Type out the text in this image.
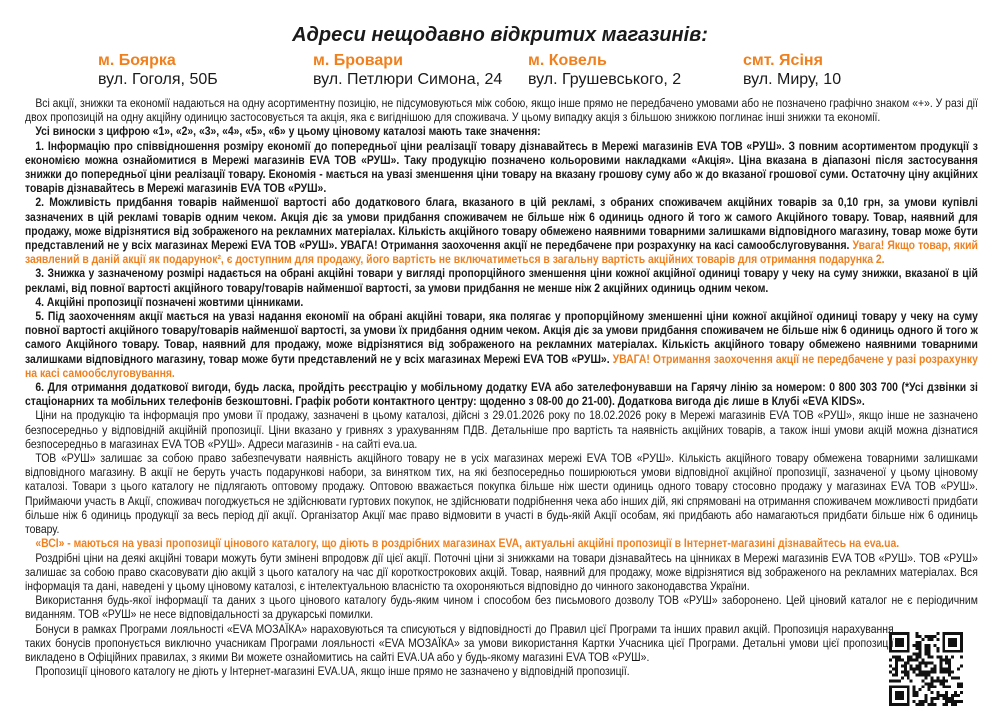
Адреси нещодавно відкритих магазинів:
м. Боярка
вул. Гоголя, 50Б
м. Бровари
вул. Петлюри Симона, 24
м. Ковель
вул. Грушевського, 2
смт. Ясіня
вул. Миру, 10

Всі акції, знижки та економії надаються на одну асортиментну позицію, не підсумовуються між собою, якщо інше прямо не передбачено умовами або не позначено графічно знаком «+». У разі дії двох пропозицій на одну акційну одиницю застосовується та акція, яка є вигіднішою для споживача. У цьому випадку акція з більшою знижкою поглинає інші знижки та економії.

Усі виноски з цифрою «1», «2», «3», «4», «5», «6» у цьому ціновому каталозі мають таке значення:

1. Інформацію про співвідношення розміру економії до попередньої ціни реалізації товару дізнавайтесь в Мережі магазинів EVA ТОВ «РУШ». З повним асортиментом продукції з економією можна ознайомитися в Мережі магазинів EVA ТОВ «РУШ». Таку продукцію позначено кольоровими накладками «Акція». Ціна вказана в діапазоні після застосування знижки до попередньої ціни реалізації товару. Економія - мається на увазі зменшення ціни товару на вказану грошову суму або ж до вказаної грошової суми. Остаточну ціну акційних товарів дізнавайтесь в Мережі магазинів EVA ТОВ «РУШ».

2. Можливість придбання товарів найменшої вартості або додаткового блага, вказаного в цій рекламі, з обраних споживачем акційних товарів за 0,10 грн, за умови купівлі зазначених в цій рекламі товарів одним чеком. Акція діє за умови придбання споживачем не більше ніж 6 одиниць одного й того ж самого Акційного товару. Товар, наявний для продажу, може відрізнятися від зображеного на рекламних матеріалах. Кількість акційного товару обмежено наявними товарними залишками відповідного магазину, товар може бути представлений не у всіх магазинах Мережі EVA ТОВ «РУШ». УВАГА! Отримання заохочення акції не передбачене при розрахунку на касі самообслуговування. Увага! Якщо товар, який заявлений в даній акції як подарунок², є доступним для продажу, його вартість не включатиметься в загальну вартість акційних товарів для отримання подарунка 2.

3. Знижка у зазначеному розмірі надається на обрані акційні товари у вигляді пропорційного зменшення ціни кожної акційної одиниці товару у чеку на суму знижки, вказаної в цій рекламі, від повної вартості акційного товару/товарів найменшої вартості, за умови придбання не менше ніж 2 акційних одиниць одним чеком.

4. Акційні пропозиції позначені жовтими цінниками.

5. Під заохоченням акції мається на увазі надання економії на обрані акційні товари, яка полягає у пропорційному зменшенні ціни кожної акційної одиниці товару у чеку на суму повної вартості акційного товару/товарів найменшої вартості, за умови їх придбання одним чеком. Акція діє за умови придбання споживачем не більше ніж 6 одиниць одного й того ж самого Акційного товару. Товар, наявний для продажу, може відрізнятися від зображеного на рекламних матеріалах. Кількість акційного товару обмежено наявними товарними залишками відповідного магазину, товар може бути представлений не у всіх магазинах Мережі EVA ТОВ «РУШ». УВАГА! Отримання заохочення акції не передбачене у разі розрахунку на касі самообслуговування.

6. Для отримання додаткової вигоди, будь ласка, пройдіть реєстрацію у мобільному додатку EVA або зателефонувавши на Гарячу лінію за номером: 0 800 303 700 (*Усі дзвінки зі стаціонарних та мобільних телефонів безкоштовні. Графік роботи контактного центру: щоденно з 08-00 до 21-00). Додаткова вигода діє лише в Клубі «EVA KIDS».

Ціни на продукцію та інформація про умови її продажу, зазначені в цьому каталозі, дійсні з 29.01.2026 року по 18.02.2026 року в Мережі магазинів EVA ТОВ «РУШ», якщо інше не зазначено безпосередньо у відповідній акційній пропозиції. Ціни вказано у гривнях з урахуванням ПДВ. Детальніше про вартість та наявність акційних товарів, а також інші умови акцій можна дізнатися безпосередньо в магазинах EVA ТОВ «РУШ». Адреси магазинів - на сайті eva.ua.

ТОВ «РУШ» залишає за собою право забезпечувати наявність акційного товару не в усіх магазинах мережі EVA ТОВ «РУШ». Кількість акційного товару обмежена товарними залишками відповідного магазину. В акції не беруть участь подарункові набори, за винятком тих, на які безпосередньо поширюються умови відповідної акційної пропозиції, зазначеної у цьому ціновому каталозі. Товари з цього каталогу не підлягають оптовому продажу. Оптовою вважається покупка більше ніж шести одиниць одного товару стосовно продажу у магазинах EVA ТОВ «РУШ». Приймаючи участь в Акції, споживач погоджується не здійснювати гуртових покупок, не здійснювати подрібнення чека або інших дій, які спрямовані на отримання споживачем можливості придбати більше ніж 6 одиниць продукції за весь період дії акції. Організатор Акції має право відмовити в участі в будь-якій Акції особам, які придбають або намагаються придбати більше ніж 6 одиниць товару.

«ВСІ» - маються на увазі пропозиції цінового каталогу, що діють в роздрібних магазинах EVA, актуальні акційні пропозиції в Інтернет-магазині дізнавайтесь на eva.ua.

Роздрібні ціни на деякі акційні товари можуть бути змінені впродовж дії цієї акції. Поточні ціни зі знижками на товари дізнавайтесь на цінниках в Мережі магазинів EVA ТОВ «РУШ». ТОВ «РУШ» залишає за собою право скасовувати дію акцій з цього каталогу на час дії короткострокових акцій. Товар, наявний для продажу, може відрізнятися від зображеного на рекламних матеріалах. Вся інформація та дані, наведені у цьому ціновому каталозі, є інтелектуальною власністю та охороняються відповідно до чинного законодавства України.

Використання будь-якої інформації та даних з цього цінового каталогу будь-яким чином і способом без письмового дозволу ТОВ «РУШ» заборонено. Цей ціновий каталог не є періодичним виданням. ТОВ «РУШ» не несе відповідальності за друкарські помилки.

Бонуси в рамках Програми лояльності «EVA МОЗАЇКА» нараховуються та списуються у відповідності до Правил цієї Програми та інших правил акцій. Пропозиція нарахування таких бонусів пропонується виключно учасникам Програми лояльності «EVA МОЗАЇКА» за умови використання Картки Учасника цієї Програми. Детальні умови цієї пропозиції викладено в Офіційних правилах, з якими Ви можете ознайомитись на сайті EVA.UA або у будь-якому магазині EVA ТОВ «РУШ».

Пропозиції цінового каталогу не діють у Інтернет-магазині EVA.UA, якщо інше прямо не зазначено у відповідній пропозиції.
